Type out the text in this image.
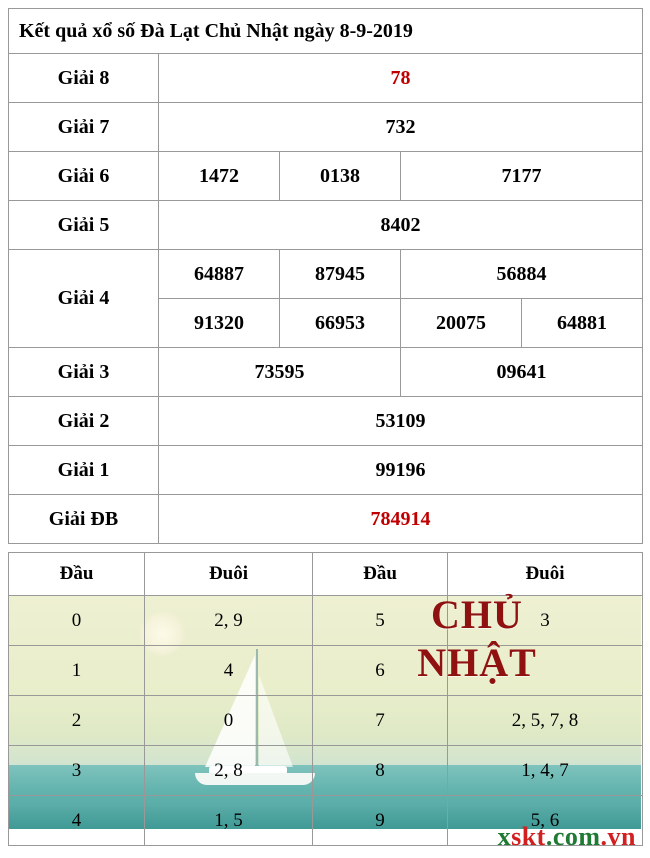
Kết quả xổ số Đà Lạt Chủ Nhật ngày 8-9-2019				
Giải 8	78			
Giải 7	732			
Giải 6	1472	0138	7177	
Giải 5	8402			
Giải 4	64887	87945	56884	
	91320	66953	20075	64881
Giải 3	73595		09641	
Giải 2	53109			
Giải 1	99196			
Giải ĐB	784914			
Đầu	Đuôi	Đầu	Đuôi
0	2, 9	5	3
1	4	6	
2	0	7	2, 5, 7, 8
3	2, 8	8	1, 4, 7
4	1, 5	9	5, 6
CHỦ
NHẬT
xskt.com.vn
